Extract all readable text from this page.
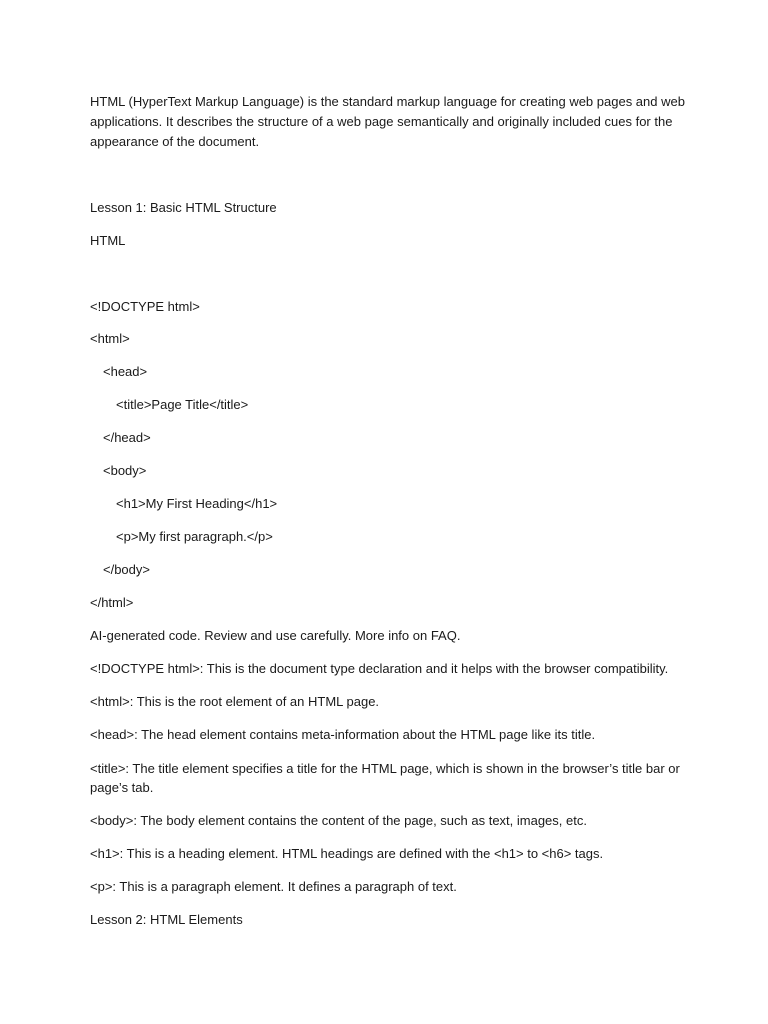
HTML (HyperText Markup Language) is the standard markup language for creating web pages and web
applications. It describes the structure of a web page semantically and originally included cues for the
appearance of the document.
Lesson 1: Basic HTML Structure
HTML
<!DOCTYPE html>
<html>
<head>
<title>Page Title</title>
</head>
<body>
<h1>My First Heading</h1>
<p>My first paragraph.</p>
</body>
</html>
AI-generated code. Review and use carefully. More info on FAQ.
<!DOCTYPE html>: This is the document type declaration and it helps with the browser compatibility.
<html>: This is the root element of an HTML page.
<head>: The head element contains meta-information about the HTML page like its title.
<title>: The title element specifies a title for the HTML page, which is shown in the browser’s title bar or
page’s tab.
<body>: The body element contains the content of the page, such as text, images, etc.
<h1>: This is a heading element. HTML headings are defined with the <h1> to <h6> tags.
<p>: This is a paragraph element. It defines a paragraph of text.
Lesson 2: HTML Elements
